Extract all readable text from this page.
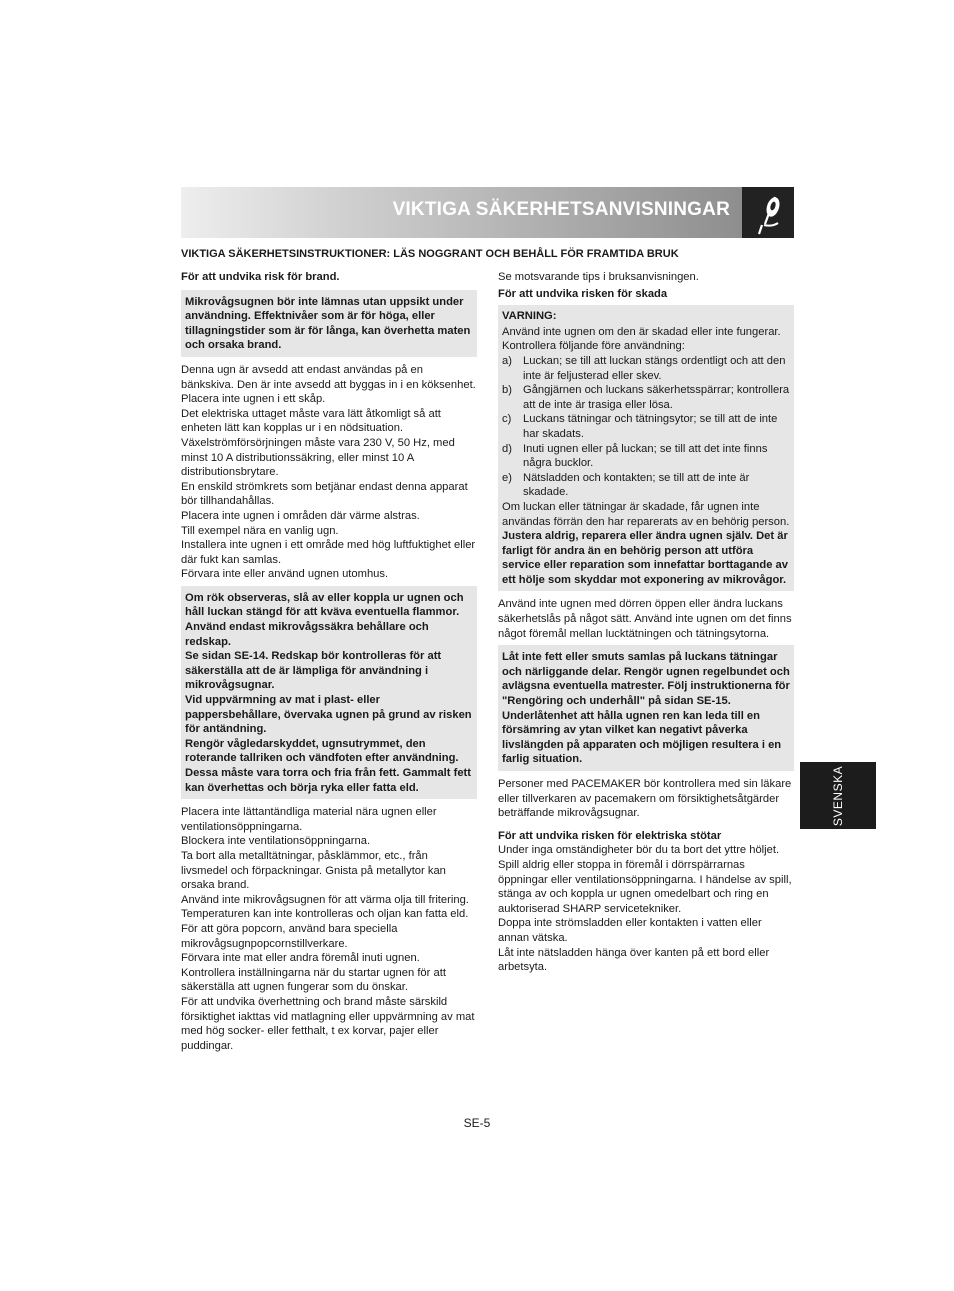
VIKTIGA SÄKERHETSANVISNINGAR
VIKTIGA SÄKERHETSINSTRUKTIONER: LÄS NOGGRANT OCH BEHÅLL FÖR FRAMTIDA BRUK
För att undvika risk för brand.

Mikrovågsugnen bör inte lämnas utan uppsikt under användning. Effektnivåer som är för höga, eller tillagningstider som är för långa, kan överhetta maten och orsaka brand.

Denna ugn är avsedd att endast användas på en bänkskiva. Den är inte avsedd att byggas in i en köksenhet.

Placera inte ugnen i ett skåp.

Det elektriska uttaget måste vara lätt åtkomligt så att enheten lätt kan kopplas ur i en nödsituation.

Växelströmförsörjningen måste vara 230 V, 50 Hz, med minst 10 A distributionssäkring, eller minst 10 A distributionsbrytare.

En enskild strömkrets som betjänar endast denna apparat bör tillhandahållas.

Placera inte ugnen i områden där värme alstras.

Till exempel nära en vanlig ugn.

Installera inte ugnen i ett område med hög luftfuktighet eller där fukt kan samlas.

Förvara inte eller använd ugnen utomhus.

Om rök observeras, slå av eller koppla ur ugnen och håll luckan stängd för att kväva eventuella flammor.

Använd endast mikrovågssäkra behållare och redskap.

Se sidan SE-14. Redskap bör kontrolleras för att säkerställa att de är lämpliga för användning i mikrovågsugnar.

Vid uppvärmning av mat i plast- eller pappersbehållare, övervaka ugnen på grund av risken för antändning.

Rengör vågledarskyddet, ugnsutrymmet, den roterande tallriken och vändfoten efter användning. Dessa måste vara torra och fria från fett. Gammalt fett kan överhettas och börja ryka eller fatta eld.

Placera inte lättantändliga material nära ugnen eller ventilationsöppningarna.

Blockera inte ventilationsöppningarna.

Ta bort alla metalltätningar, påsklämmor, etc., från livsmedel och förpackningar. Gnista på metallytor kan orsaka brand.

Använd inte mikrovågsugnen för att värma olja till fritering. Temperaturen kan inte kontrolleras och oljan kan fatta eld.

För att göra popcorn, använd bara speciella mikrovågsugnpopcornstillverkare.

Förvara inte mat eller andra föremål inuti ugnen.

Kontrollera inställningarna när du startar ugnen för att säkerställa att ugnen fungerar som du önskar.

För att undvika överhettning och brand måste särskild försiktighet iakttas vid matlagning eller uppvärmning av mat med hög socker- eller fetthalt, t ex korvar, pajer eller puddingar.

Se motsvarande tips i bruksanvisningen.

För att undvika risken för skada
VARNING:

Använd inte ugnen om den är skadad eller inte fungerar. Kontrollera följande före användning:

a) Luckan; se till att luckan stängs ordentligt och att den inte är feljusterad eller skev.
b) Gångjärnen och luckans säkerhetsspärrar; kontrollera att de inte är trasiga eller lösa.
c)	Luckans tätningar och tätningsytor; se till att de inte har skadats.
d) Inuti ugnen eller på luckan; se till att det inte finns några bucklor.
e) Nätsladden och kontakten; se till att de inte är skadade.

Om luckan eller tätningar är skadade, får ugnen inte användas förrän den har reparerats av en behörig person.

Justera aldrig, reparera eller ändra ugnen själv. Det är farligt för andra än en behörig person att utföra service eller reparation som innefattar borttagande av ett hölje som skyddar mot exponering av mikrovågor.

Använd inte ugnen med dörren öppen eller ändra luckans säkerhetslås på något sätt. Använd inte ugnen om det finns något föremål mellan lucktätningen och tätningsytorna.

Låt inte fett eller smuts samlas på luckans tätningar och närliggande delar. Rengör ugnen regelbundet och avlägsna eventuella matrester. Följ instruktionerna för "Rengöring och underhåll" på sidan SE-15. Underlåtenhet att hålla ugnen ren kan leda till en försämring av ytan vilket kan negativt påverka livslängden på apparaten och möjligen resultera i en farlig situation.

Personer med PACEMAKER bör kontrollera med sin läkare eller tillverkaren av pacemakern om försiktighetsåtgärder beträffande mikrovågsugnar.

För att undvika risken för elektriska stötar

Under inga omständigheter bör du ta bort det yttre höljet.

Spill aldrig eller stoppa in föremål i dörrspärrarnas öppningar eller ventilationsöppningarna. I händelse av spill, stänga av och koppla ur ugnen omedelbart och ring en auktoriserad SHARP servicetekniker.

Doppa inte strömsladden eller kontakten i vatten eller annan vätska.

Låt inte nätsladden hänga över kanten på ett bord eller arbetsyta.

SVENSKA
SE-5
